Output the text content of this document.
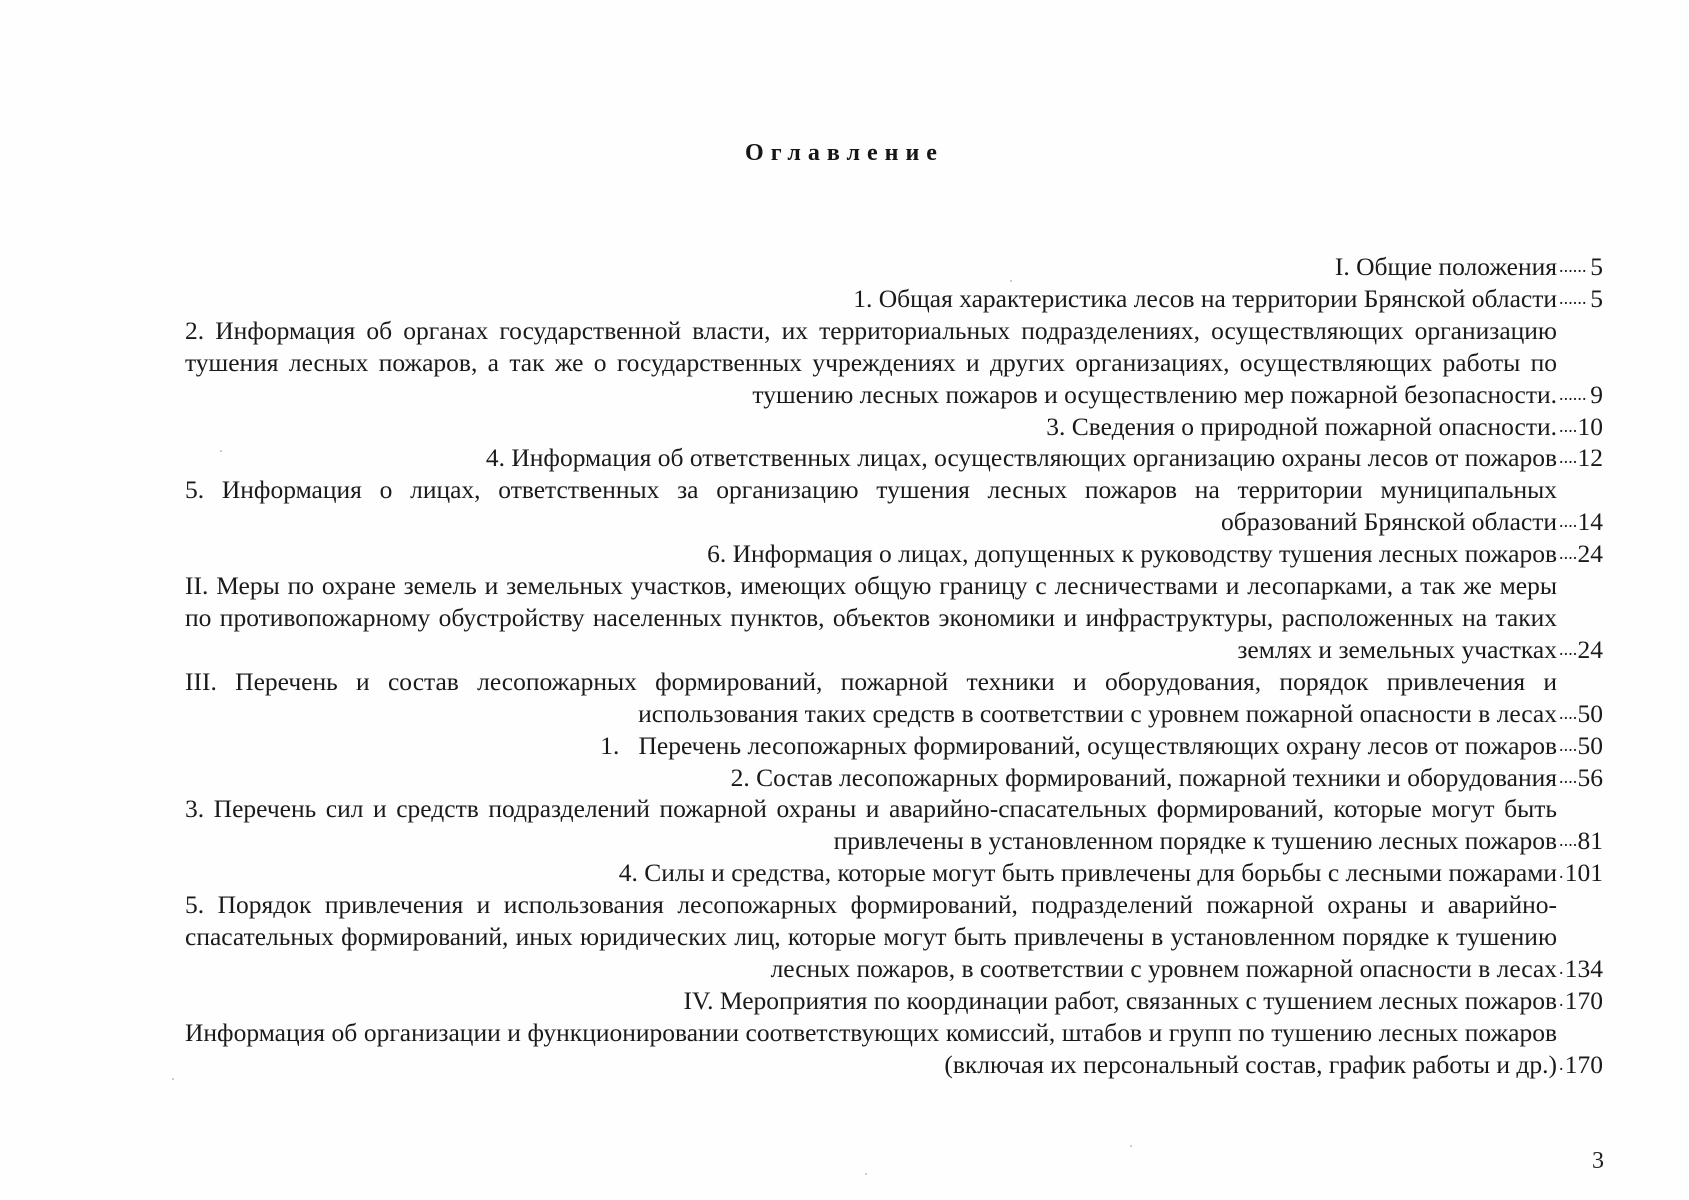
Оглавление
I. Общие положения	5
1. Общая характеристика лесов на территории Брянской области	5
2. Информация об органах государственной власти, их территориальных подразделениях, осуществляющих организацию тушения лесных пожаров, а так же о государственных учреждениях и других организациях, осуществляющих работы по тушению лесных пожаров и осуществлению мер пожарной безопасности.	9
3. Сведения о природной пожарной опасности. 10
4. Информация об ответственных лицах, осуществляющих организацию охраны лесов от пожаров 12
5. Информация о лицах, ответственных за организацию тушения лесных пожаров на территории муниципальных образований Брянской области 14
6. Информация о лицах, допущенных к руководству тушения лесных пожаров 24
II. Меры по охране земель и земельных участков, имеющих общую границу с лесничествами и лесопарками, а так же меры по противопожарному обустройству населенных пунктов, объектов экономики и инфраструктуры, расположенных на таких землях и земельных участках 24
III. Перечень и состав лесопожарных формирований, пожарной техники и оборудования, порядок привлечения и использования таких средств в соответствии с уровнем пожарной опасности в лесах 50
1.   Перечень лесопожарных формирований, осуществляющих охрану лесов от пожаров 50
2. Состав лесопожарных формирований, пожарной техники и оборудования 56
3. Перечень сил и средств подразделений пожарной охраны и аварийно-спасательных формирований, которые могут быть привлечены в установленном порядке к тушению лесных пожаров 81
4. Силы и средства, которые могут быть привлечены для борьбы с лесными пожарами 101
5. Порядок привлечения и использования лесопожарных формирований, подразделений пожарной охраны и аварийно-спасательных формирований, иных юридических лиц, которые могут быть привлечены в установленном порядке к тушению лесных пожаров, в соответствии с уровнем пожарной опасности в лесах 134
IV. Мероприятия по координации работ, связанных с тушением лесных пожаров 170
Информация об организации и функционировании соответствующих комиссий, штабов и групп по тушению лесных пожаров (включая их персональный состав, график работы и др.) 170
3
